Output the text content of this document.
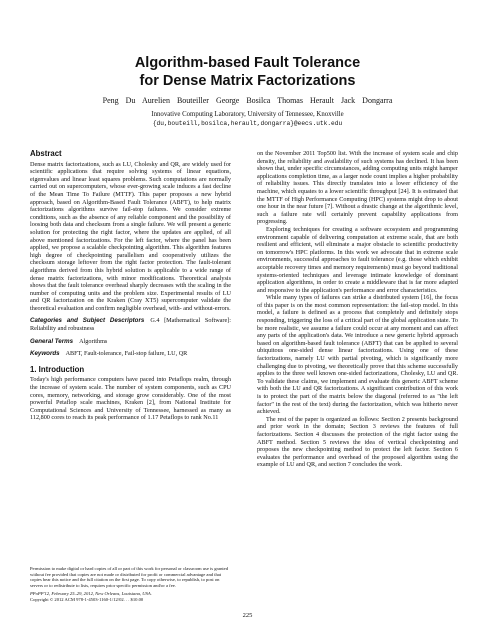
Algorithm-based Fault Tolerance
for Dense Matrix Factorizations
Peng Du Aurelien Bouteiller George Bosilca Thomas Herault Jack Dongarra
Innovative Computing Laboratory, University of Tennessee, Knoxville
{du,bouteill,bosilca,herault,dongarra}@eecs.utk.edu
Abstract

Dense matrix factorizations, such as LU, Cholesky and QR, are widely used for scientific applications that require solving systems of linear equations, eigenvalues and linear least squares problems. Such computations are normally carried out on supercomputers, whose ever-growing scale induces a fast decline of the Mean Time To Failure (MTTF). This paper proposes a new hybrid approach, based on Algorithm-Based Fault Tolerance (ABFT), to help matrix factorizations algorithms survive fail-stop failures. We consider extreme conditions, such as the absence of any reliable component and the possibility of loosing both data and checksum from a single failure. We will present a generic solution for protecting the right factor, where the updates are applied, of all above mentioned factorizations. For the left factor, where the panel has been applied, we propose a scalable checkpointing algorithm. This algorithm features high degree of checkpointing parallelism and cooperatively utilizes the checksum storage leftover from the right factor protection. The fault-tolerant algorithms derived from this hybrid solution is applicable to a wide range of dense matrix factorizations, with minor modifications. Theoretical analysis shows that the fault tolerance overhead sharply decreases with the scaling in the number of computing units and the problem size. Experimental results of LU and QR factorization on the Kraken (Cray XT5) supercomputer validate the theoretical evaluation and confirm negligible overhead, with- and without-errors.

Categories and Subject Descriptors G.4 [Mathematical Software]: Reliability and robustness

General Terms Algorithms

Keywords ABFT, Fault-tolerance, Fail-stop failure, LU, QR

1. Introduction

Today's high performance computers have paced into Petaflops realm, through the increase of system scale. The number of system components, such as CPU cores, memory, networking, and storage grow considerably. One of the most powerful Petaflop scale machines, Kraken [2], from National Institute for Computational Sciences and University of Tennessee, harnessed as many as 112,800 cores to reach its peak performance of 1.17 Petaflops to rank No.11

Permission to make digital or hard copies of all or part of this work for personal or classroom use is granted without fee provided that copies are not made or distributed for profit or commercial advantage and that copies bear this notice and the full citation on the first page. To copy otherwise, to republish, to post on servers or to redistribute to lists, requires prior specific permission and/or a fee.

PPoPP'12, February 25–29, 2012, New Orleans, Louisiana, USA.

Copyright © 2012 ACM 978-1-4503-1160-1/12/02. . . $10.00

on the November 2011 Top500 list. With the increase of system scale and chip density, the reliability and availability of such systems has declined. It has been shown that, under specific circumstances, adding computing units might hamper applications completion time, as a larger node count implies a higher probability of reliability issues. This directly translates into a lower efficiency of the machine, which equates to a lower scientific throughput [24]. It is estimated that the MTTF of High Performance Computing (HPC) systems might drop to about one hour in the near future [7]. Without a drastic change at the algorithmic level, such a failure rate will certainly prevent capability applications from progressing.

Exploring techniques for creating a software ecosystem and programming environment capable of delivering computation at extreme scale, that are both resilient and efficient, will eliminate a major obstacle to scientific productivity on tomorrow's HPC platforms. In this work we advocate that in extreme scale environments, successful approaches to fault tolerance (e.g. those which exhibit acceptable recovery times and memory requirements) must go beyond traditional systems-oriented techniques and leverage intimate knowledge of dominant application algorithms, in order to create a middleware that is far more adapted and responsive to the application's performance and error characteristics.

While many types of failures can strike a distributed system [16], the focus of this paper is on the most common representation: the fail-stop model. In this model, a failure is defined as a process that completely and definitely stops responding, triggering the loss of a critical part of the global application state. To be more realistic, we assume a failure could occur at any moment and can affect any parts of the application's data. We introduce a new generic hybrid approach based on algorithm-based fault tolerance (ABFT) that can be applied to several ubiquitous one-sided dense linear factorizations. Using one of these factorizations, namely LU with partial pivoting, which is significantly more challenging due to pivoting, we theoretically prove that this scheme successfully applies to the three well known one-sided factorizations, Cholesky, LU and QR. To validate these claims, we implement and evaluate this generic ABFT scheme with both the LU and QR factorizations. A significant contribution of this work is to protect the part of the matrix below the diagonal (referred to as "the left factor" in the rest of the text) during the factorization, which was hitherto never achieved.

The rest of the paper is organized as follows: Section 2 presents background and prior work in the domain; Section 3 reviews the features of full factorizations. Section 4 discusses the protection of the right factor using the ABFT method. Section 5 reviews the idea of vertical checkpointing and proposes the new checkpointing method to protect the left factor. Section 6 evaluates the performance and overhead of the proposed algorithm using the example of LU and QR, and section 7 concludes the work.

225
